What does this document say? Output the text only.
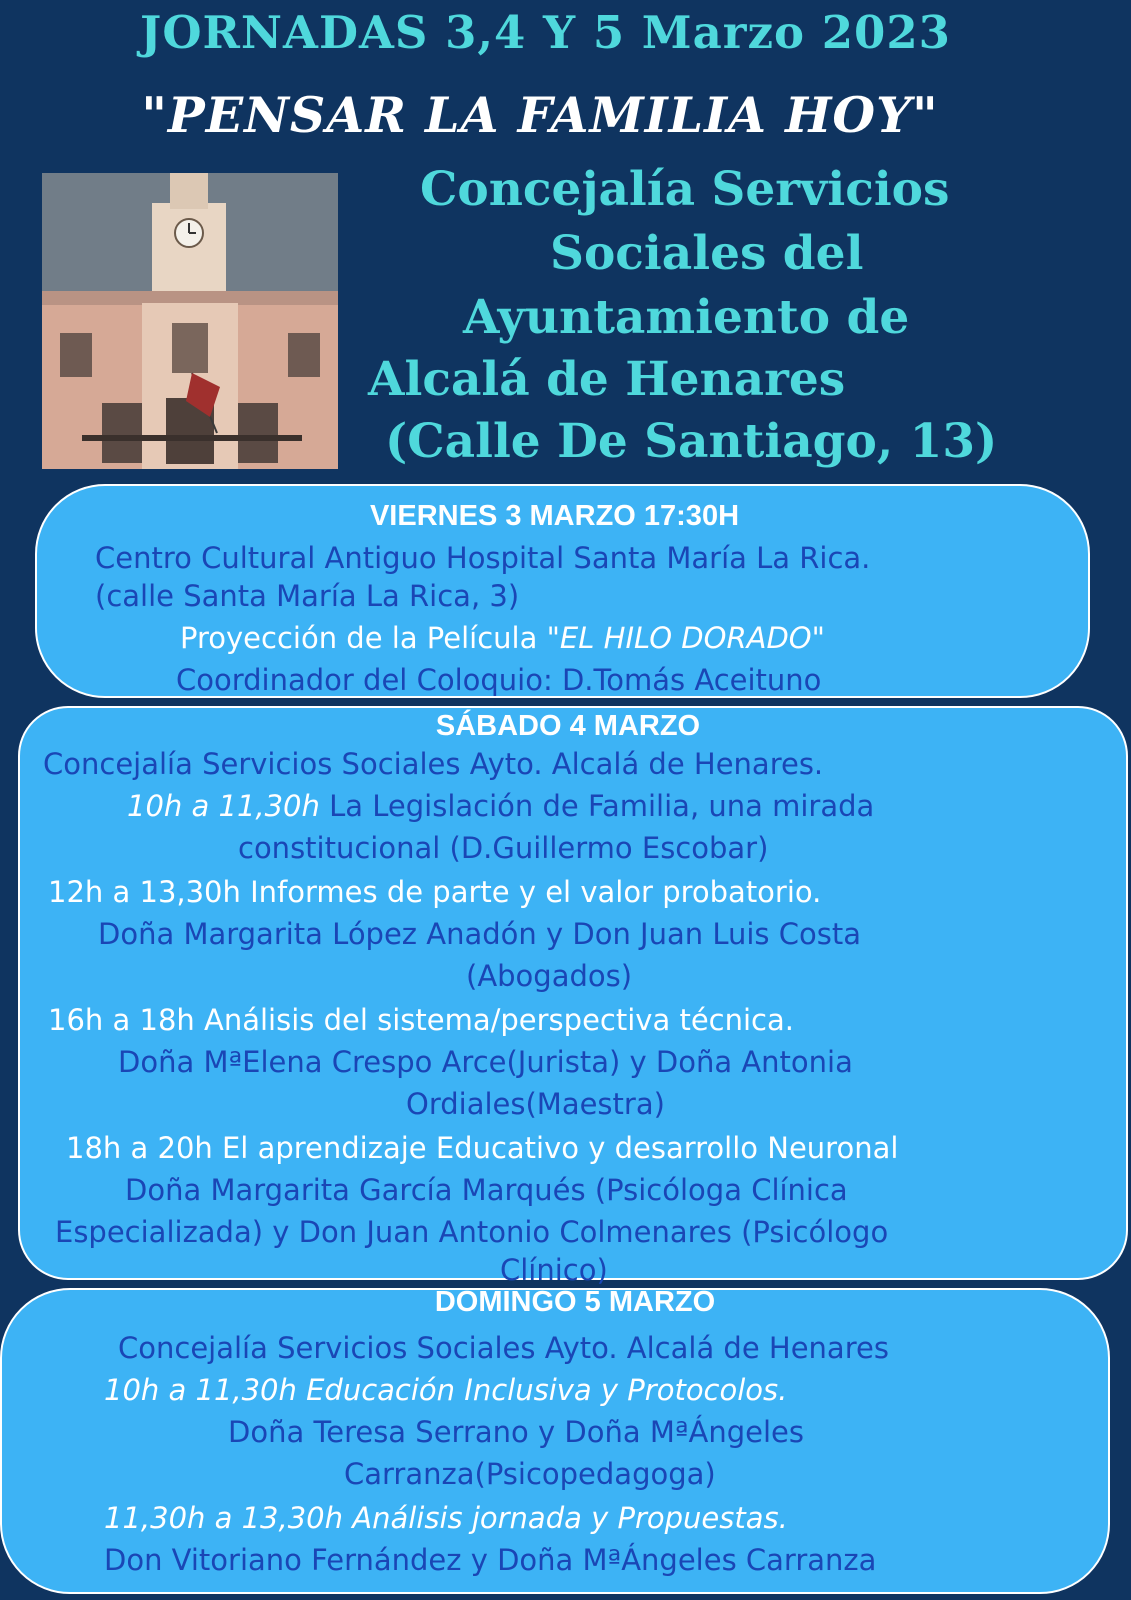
JORNADAS 3,4 Y 5 Marzo 2023
"PENSAR LA FAMILIA HOY"
Concejalía Servicios
Sociales del
Ayuntamiento de
Alcalá de Henares
(Calle De Santiago, 13)
VIERNES 3 MARZO 17:30H
Centro Cultural Antiguo Hospital Santa María La Rica.
(calle Santa María La Rica, 3)
Proyección de la Película "EL HILO DORADO"
Coordinador del Coloquio: D.Tomás Aceituno
SÁBADO 4 MARZO
Concejalía Servicios Sociales Ayto. Alcalá de Henares.
10h a 11,30h La Legislación de Familia, una mirada
constitucional (D.Guillermo Escobar)
12h a 13,30h Informes de parte y el valor probatorio.
Doña Margarita López Anadón y Don Juan Luis Costa
(Abogados)
16h a 18h Análisis del sistema/perspectiva técnica.
Doña MªElena Crespo Arce(Jurista) y Doña Antonia
Ordiales(Maestra)
18h a 20h El aprendizaje Educativo y desarrollo Neuronal
Doña Margarita García Marqués (Psicóloga Clínica
Especializada) y Don Juan Antonio Colmenares (Psicólogo
DOMINGO 5 MARZO
Clínico)
Concejalía Servicios Sociales Ayto. Alcalá de Henares
10h a 11,30h Educación Inclusiva y Protocolos.
Doña Teresa Serrano y Doña MªÁngeles
Carranza(Psicopedagoga)
11,30h a 13,30h Análisis jornada y Propuestas.
Don Vitoriano Fernández y Doña MªÁngeles Carranza
